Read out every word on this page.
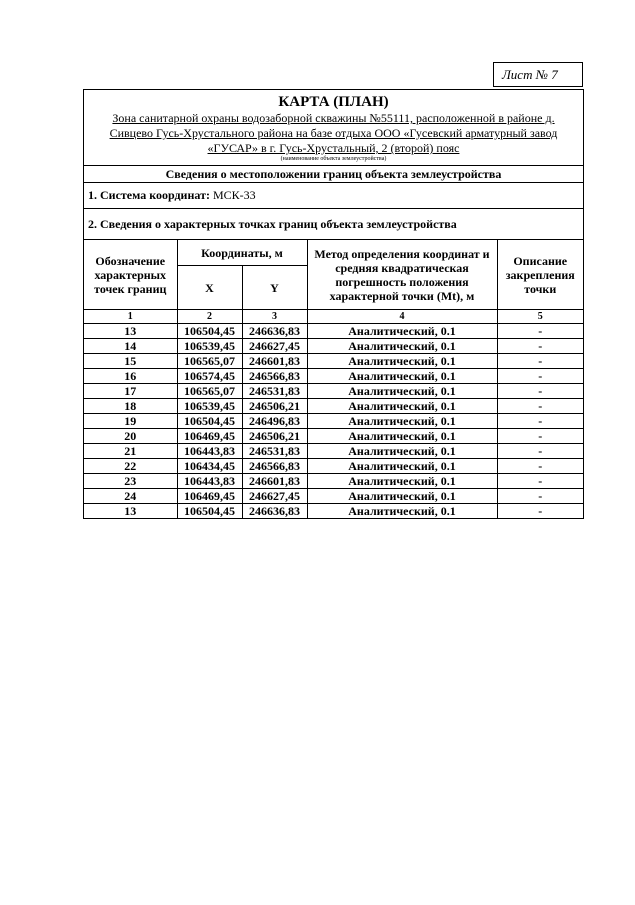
Лист № 7
КАРТА (ПЛАН)
Зона санитарной охраны водозаборной скважины №55111, расположенной в районе д.
Сивцево Гусь-Хрустального района на базе отдыха ООО «Гусевский арматурный завод
«ГУСАР» в г. Гусь-Хрустальный, 2 (второй) пояс
(наименование объекта землеустройства)
Сведения о местоположении границ объекта землеустройства
1. Система координат: МСК-33
2. Сведения о характерных точках границ объекта землеустройства
Обозначение характерных точек границ	Координаты, м		Метод определения координат и средняя квадратическая погрешность положения характерной точки (Mt), м	Описание закрепления точки
	X	Y		
1	2	3	4	5
13	106504,45	246636,83	Аналитический, 0.1	-
14	106539,45	246627,45	Аналитический, 0.1	-
15	106565,07	246601,83	Аналитический, 0.1	-
16	106574,45	246566,83	Аналитический, 0.1	-
17	106565,07	246531,83	Аналитический, 0.1	-
18	106539,45	246506,21	Аналитический, 0.1	-
19	106504,45	246496,83	Аналитический, 0.1	-
20	106469,45	246506,21	Аналитический, 0.1	-
21	106443,83	246531,83	Аналитический, 0.1	-
22	106434,45	246566,83	Аналитический, 0.1	-
23	106443,83	246601,83	Аналитический, 0.1	-
24	106469,45	246627,45	Аналитический, 0.1	-
13	106504,45	246636,83	Аналитический, 0.1	-
